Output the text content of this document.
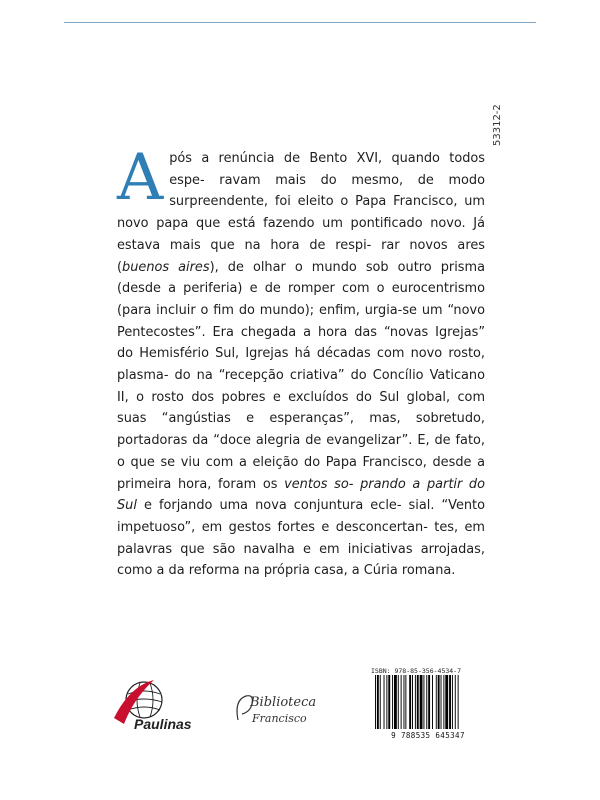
53312-2

Após a renúncia de Bento XVI, quando todos espe- ravam mais do mesmo, de modo surpreendente, foi eleito o Papa Francisco, um novo papa que está fazendo um pontificado novo. Já estava mais que na hora de respi- rar novos ares (buenos aires), de olhar o mundo sob outro prisma (desde a periferia) e de romper com o eurocentrismo (para incluir o fim do mundo); enfim, urgia-se um “novo Pentecostes”. Era chegada a hora das “novas Igrejas” do Hemisfério Sul, Igrejas há décadas com novo rosto, plasma- do na “recepção criativa” do Concílio Vaticano II, o rosto dos pobres e excluídos do Sul global, com suas “angústias e esperanças”, mas, sobretudo, portadoras da “doce alegria de evangelizar”. E, de fato, o que se viu com a eleição do Papa Francisco, desde a primeira hora, foram os ventos so- prando a partir do Sul e forjando uma nova conjuntura ecle- sial. “Vento impetuoso”, em gestos fortes e desconcertan- tes, em palavras que são navalha e em iniciativas arrojadas, como a da reforma na própria casa, a Cúria romana.

Paulinas
Biblioteca
Francisco
ISBN: 978-85-356-4534-7
9 788535 645347
